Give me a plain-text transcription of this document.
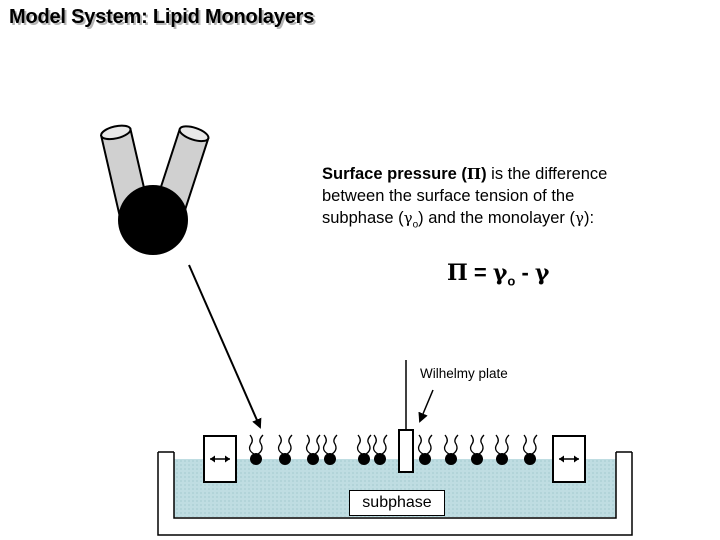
Model System: Lipid Monolayers
Surface pressure (Π) is the difference
between the surface tension of the
subphase $(\gamma_o)$ and the monolayer (γ):
$\Pi = \gamma_o - \gamma$
Wilhelmy plate
subphase
